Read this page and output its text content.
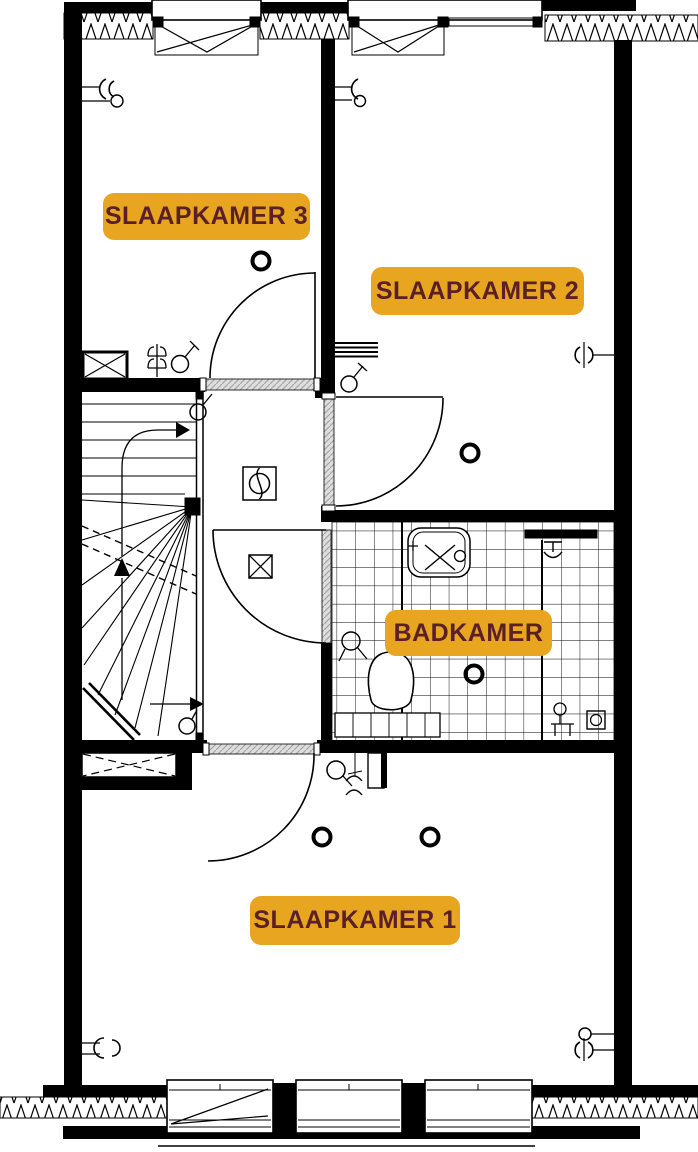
SLAAPKAMER 3
SLAAPKAMER 2
BADKAMER
SLAAPKAMER 1
